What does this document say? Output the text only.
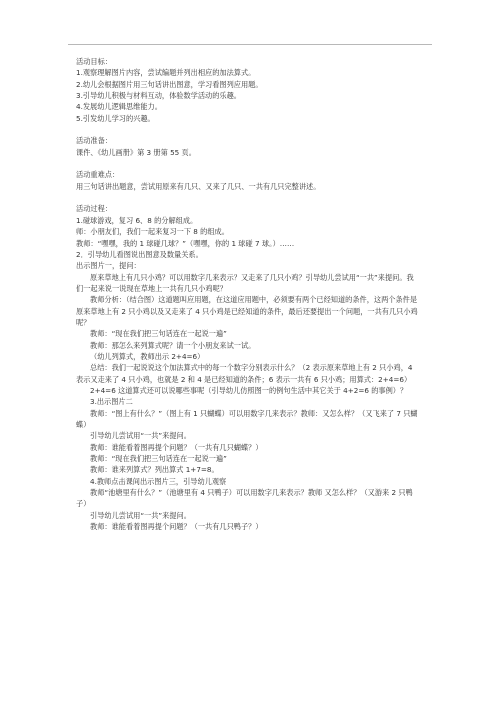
活动目标：

1.观察理解图片内容，尝试编题并列出相应的加法算式。

2.幼儿会根据图片用三句话讲出图意，学习看图列应用题。

3.引导幼儿积极与材料互动，体验数学活动的乐趣。

4.发展幼儿逻辑思维能力。

5.引发幼儿学习的兴趣。

活动准备：

课件、《幼儿画册》第 3 册第 55 页。

活动重难点：

用三句话讲出题意，尝试用原来有几只、又来了几只、一共有几只完整讲述。

活动过程：

1.碰球游戏，复习 6、8 的分解组成。

师：小朋友们，我们一起来复习一下 8 的组成。

教师：“嘿嘿，我的 1 球碰几球？”（嘿嘿，你的 1 球碰 7 球。）……

2．引导幼儿看图说出图意及数量关系。

出示图片一，提问：

原来草地上有几只小鸡？可以用数字几来表示？又走来了几只小鸡？引导幼儿尝试用“一共”来提问。我们一起来说一说现在草地上一共有几只小鸡呢？

教师分析：（结合图）这道题叫应用题，在这道应用题中，必须要有两个已经知道的条件，这两个条件是 原来草地上有 2 只小鸡以及又走来了 4 只小鸡是已经知道的条件，最后还要提出一个问题，一共有几只小鸡呢？

教师：“现在我们把三句话连在一起说一遍”

教师：那怎么来列算式呢？请一个小朋友来试一试。

（幼儿列算式，教师出示 2+4=6）

总结：我们一起说说这个加法算式中的每一个数字分别表示什么？（2 表示原来草地上有 2 只小鸡，4 表示又走来了 4 只小鸡，也就是 2 和 4 是已经知道的条件；6 表示一共有 6 只小鸡；用算式：2+4=6）

2+4=6 这道算式还可以说哪些事呢（引导幼儿仿照图一的例句生活中其它关于 4+2=6 的事例）？

3.出示图片二

教师：“图上有什么？”（图上有 1 只蝴蝶）可以用数字几来表示？教师：又怎么样？（又飞来了 7 只蝴蝶）

引导幼儿尝试用“一共”来提问。

教师：谁能看着图再提个问题？（一共有几只蝴蝶？）

教师：“现在我们把三句话连在一起说一遍”

教师：谁来列算式？列出算式 1+7=8。

4.教师点击课间出示图片三，引导幼儿观察

教师“池塘里有什么？”（池塘里有 4 只鸭子）可以用数字几来表示？教师 又怎么样？（又游来 2 只鸭子）

引导幼儿尝试用“一共”来提问。

教师：谁能看着图再提个问题？（一共有几只鸭子？）
